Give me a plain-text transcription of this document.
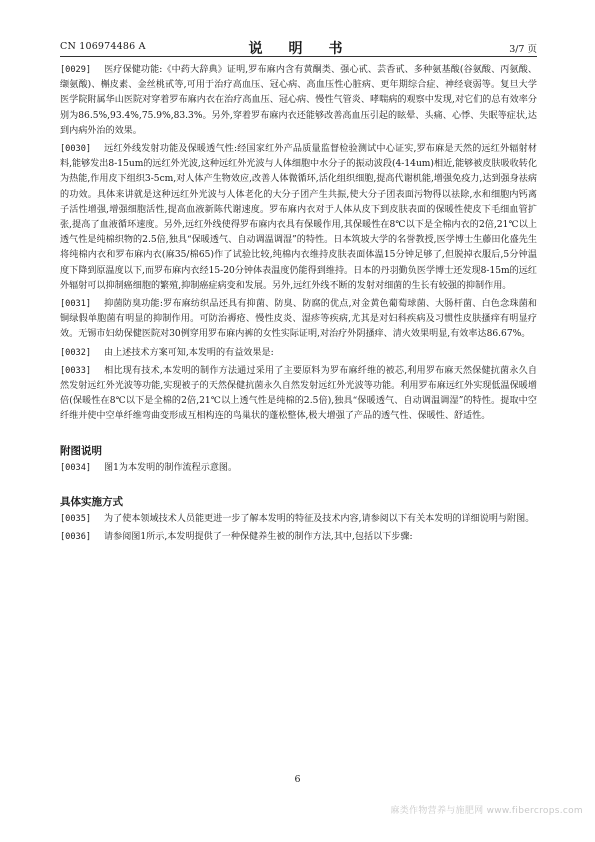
CN 106974486 A	说　明　书	3/7 页

[0029] 医疗保健功能:《中药大辞典》证明,罗布麻内含有黄酮类、强心甙、芸香甙、多种氨基酸(谷氨酸、丙氨酸、缬氨酸)、槲皮素、金丝桃甙等,可用于治疗高血压、冠心病、高血压性心脏病、更年期综合症、神经衰弱等。复旦大学医学院附属华山医院对穿着罗布麻内衣在治疗高血压、冠心病、慢性气管炎、哮喘病的观察中发现,对它们的总有效率分别为86.5%,93.4%,75.9%,83.3%。另外,穿着罗布麻内衣还能够改善高血压引起的眩晕、头痛、心悸、失眠等症状,达到内病外治的效果。

[0030] 远红外线发射功能及保暖透气性:经国家红外产品质量监督检验测试中心证实,罗布麻是天然的远红外辐射材料,能够发出8-15um的远红外光波,这种远红外光波与人体细胞中水分子的振动波段(4-14um)相近,能够被皮肤吸收转化为热能,作用皮下组织3-5cm,对人体产生物效应,改善人体微循环,活化组织细胞,提高代谢机能,增强免疫力,达到强身祛病的功效。具体来讲就是这种远红外光波与人体老化的大分子团产生共振,使大分子团表面污物得以祛除,水和细胞内钙离子活性增强,增强细胞活性,提高血液新陈代谢速度。罗布麻内衣对于人体从皮下到皮肤表面的保暖性使皮下毛细血管扩张,提高了血液循环速度。另外,远红外线使得罗布麻内衣具有保暖作用,其保暖性在8℃以下是全棉内衣的2倍,21℃以上透气性是纯棉织物的2.5倍,独具“保暖透气、自动调温调湿”的特性。日本筑坡大学的名誉教授,医学博士生藤田化盛先生将纯棉内衣和罗布麻内衣(麻35/棉65)作了试验比较,纯棉内衣维持皮肤表面体温15分钟足够了,但脱掉衣服后,5分钟温度下降到原温度以下,而罗布麻内衣经15-20分钟体表温度仍能得到维持。日本的丹羽勤负医学博士还发现8-15m的远红外辐射可以抑制癌细胞的繁殖,抑制癌症病变和发展。另外,远红外线不断的发射对细菌的生长有较强的抑制作用。

[0031] 抑菌防臭功能:罗布麻纺织品还具有抑菌、防臭、防腐的优点,对金黄色葡萄球菌、大肠杆菌、白色念珠菌和铜绿假单胞菌有明显的抑制作用。可防治褥疮、慢性皮炎、湿疹等疾病,尤其是对妇科疾病及习惯性皮肤搔痒有明显疗效。无锡市妇幼保健医院对30例穿用罗布麻内裤的女性实际证明,对治疗外阴搔痒、清火效果明显,有效率达86.67%。

[0032] 由上述技术方案可知,本发明的有益效果是:

[0033] 相比现有技术,本发明的制作方法通过采用了主要原料为罗布麻纤维的被芯,利用罗布麻天然保健抗菌永久自然发射远红外光波等功能,实现被子的天然保健抗菌永久自然发射远红外光波等功能。利用罗布麻远红外实现低温保暖增倍(保暖性在8℃以下是全棉的2倍,21℃以上透气性是纯棉的2.5倍),独具“保暖透气、自动调温调湿”的特性。提取中空纤维并使中空单纤维弯曲变形成互相构连的鸟巢状的蓬松整体,极大增强了产品的透气性、保暖性、舒适性。

附图说明

[0034] 图1为本发明的制作流程示意图。

具体实施方式

[0035] 为了使本领域技术人员能更进一步了解本发明的特征及技术内容,请参阅以下有关本发明的详细说明与附图。

[0036] 请参阅图1所示,本发明提供了一种保健养生被的制作方法,其中,包括以下步骤:

6
麻类作物营养与施肥网 www.fibercrops.com
